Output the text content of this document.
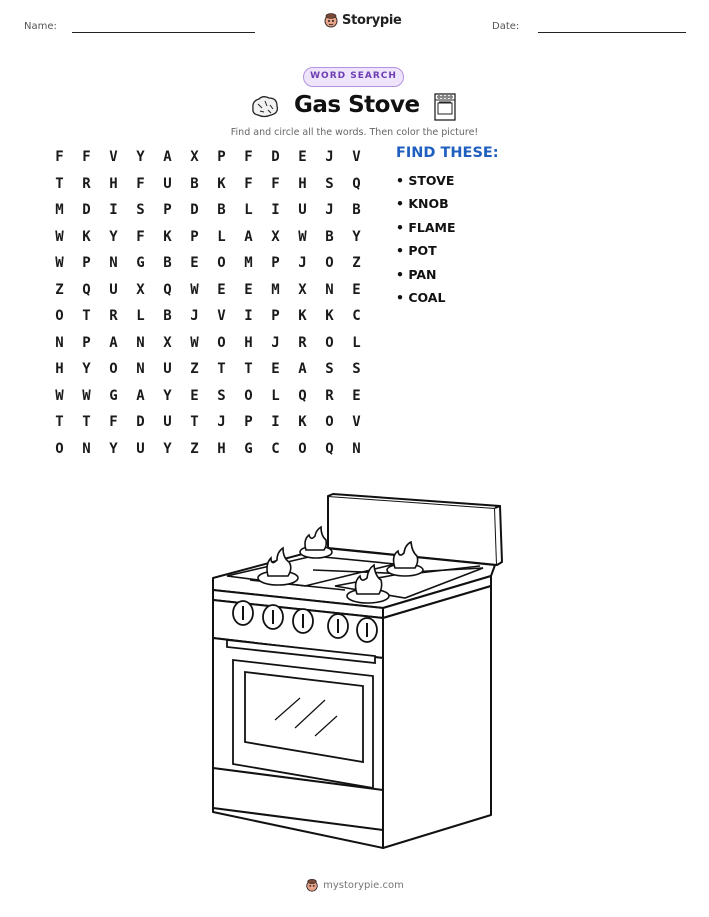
Name:	Storypie	Date:
WORD SEARCH
Gas Stove
Find and circle all the words. Then color the picture!
F	F	V	Y	A	X	P	F	D	E	J	V
T	R	H	F	U	B	K	F	F	H	S	Q
M	D	I	S	P	D	B	L	I	U	J	B
W	K	Y	F	K	P	L	A	X	W	B	Y
W	P	N	G	B	E	O	M	P	J	O	Z
Z	Q	U	X	Q	W	E	E	M	X	N	E
O	T	R	L	B	J	V	I	P	K	K	C
N	P	A	N	X	W	O	H	J	R	O	L
H	Y	O	N	U	Z	T	T	E	A	S	S
W	W	G	A	Y	E	S	O	L	Q	R	E
T	T	F	D	U	T	J	P	I	K	O	V
O	N	Y	U	Y	Z	H	G	C	O	Q	N
FIND THESE:
• STOVE
• KNOB
• FLAME
• POT
• PAN
• COAL
mystorypie.com
